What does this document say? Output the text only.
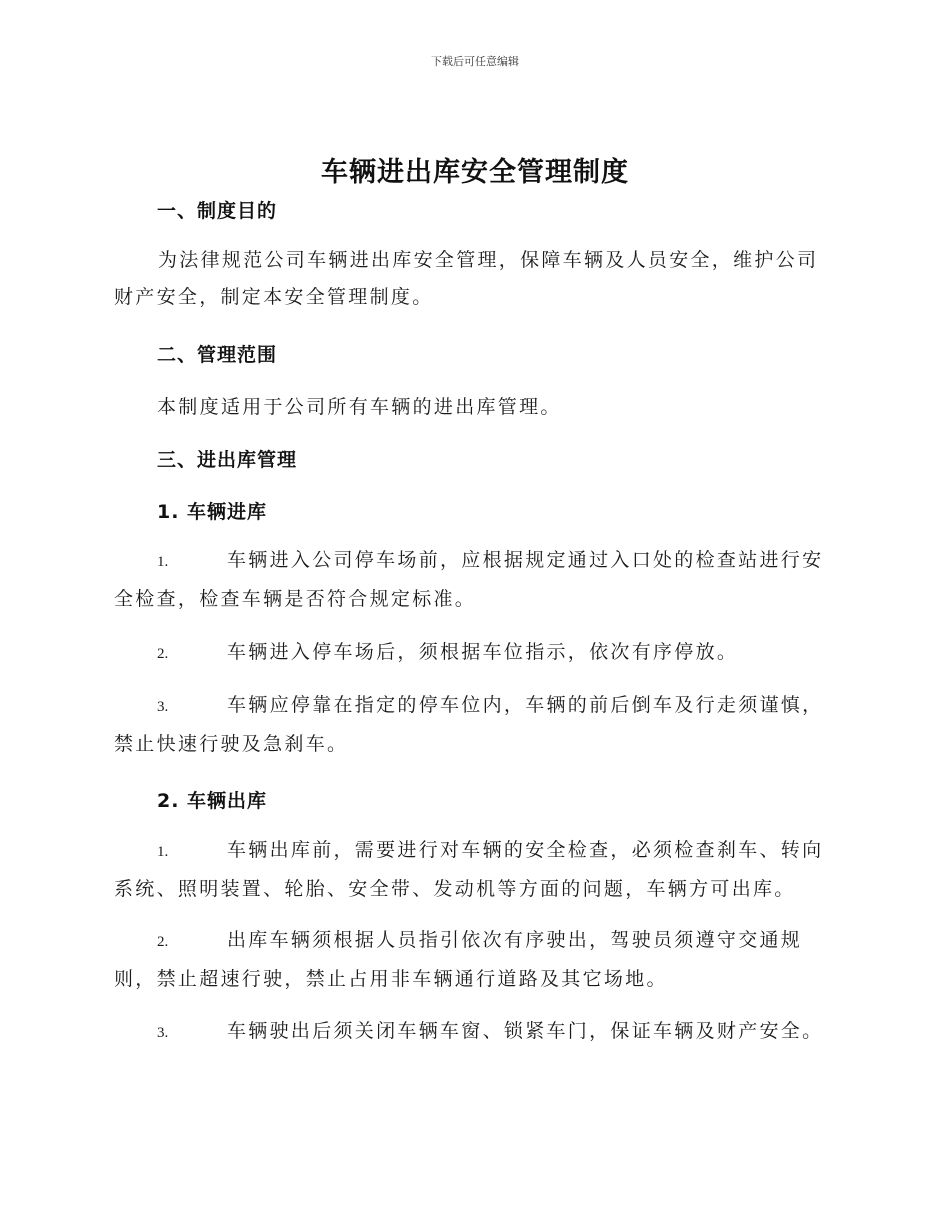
下载后可任意编辑
车辆进出库安全管理制度
一、制度目的
为法律规范公司车辆进出库安全管理，保障车辆及人员安全，维护公司财产安全，制定本安全管理制度。
二、管理范围
本制度适用于公司所有车辆的进出库管理。
三、进出库管理
1. 车辆进库
1.	车辆进入公司停车场前，应根据规定通过入口处的检查站进行安全检查，检查车辆是否符合规定标准。
2.	车辆进入停车场后，须根据车位指示，依次有序停放。
3.	车辆应停靠在指定的停车位内，车辆的前后倒车及行走须谨慎，禁止快速行驶及急刹车。
2. 车辆出库
1.	车辆出库前，需要进行对车辆的安全检查，必须检查刹车、转向系统、照明装置、轮胎、安全带、发动机等方面的问题，车辆方可出库。
2.	出库车辆须根据人员指引依次有序驶出，驾驶员须遵守交通规则，禁止超速行驶，禁止占用非车辆通行道路及其它场地。
3.	车辆驶出后须关闭车辆车窗、锁紧车门，保证车辆及财产安全。
